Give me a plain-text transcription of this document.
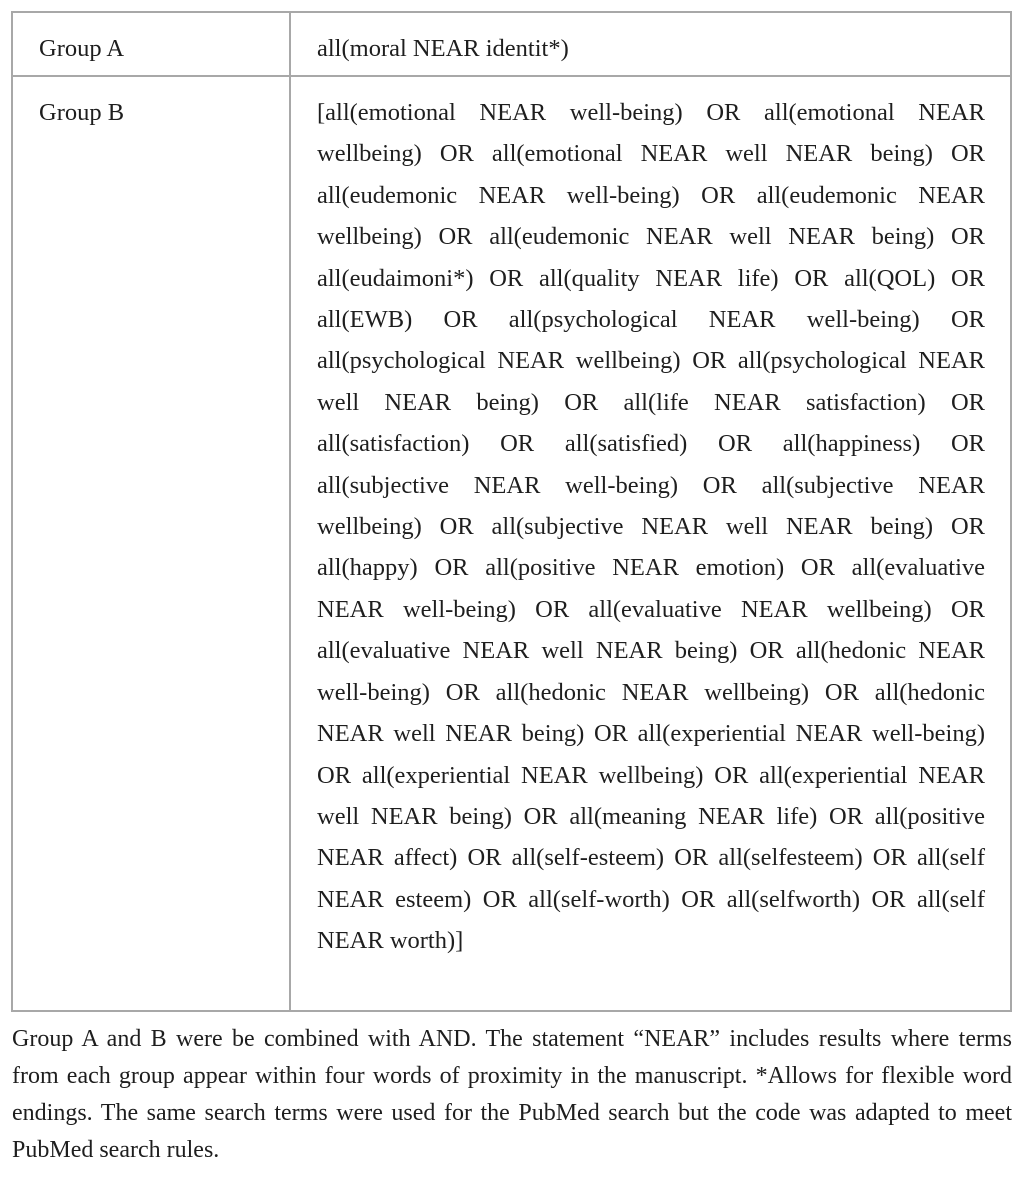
Group A	all(moral NEAR identit*)
Group B	[all(emotional NEAR well-being) OR all(emotional NEAR wellbeing) OR all(emotional NEAR well NEAR being) OR all(eudemonic NEAR well-being) OR all(eudemonic NEAR wellbeing) OR all(eudemonic NEAR well NEAR being) OR all(eudaimoni*) OR all(quality NEAR life) OR all(QOL) OR all(EWB) OR all(psychological NEAR well-being) OR all(psychological NEAR wellbeing) OR all(psychological NEAR well NEAR being) OR all(life NEAR satisfaction) OR all(satisfaction) OR all(satisfied) OR all(happiness) OR all(subjective NEAR well-being) OR all(subjective NEAR wellbeing) OR all(subjective NEAR well NEAR being) OR all(happy) OR all(positive NEAR emotion) OR all(evaluative NEAR well-being) OR all(evaluative NEAR wellbeing) OR all(evaluative NEAR well NEAR being) OR all(hedonic NEAR well-being) OR all(hedonic NEAR wellbeing) OR all(hedonic NEAR well NEAR being) OR all(experiential NEAR well-being) OR all(experiential NEAR wellbeing) OR all(experiential NEAR well NEAR being) OR all(meaning NEAR life) OR all(positive NEAR affect) OR all(self-esteem) OR all(selfesteem) OR all(self NEAR esteem) OR all(self-worth) OR all(selfworth) OR all(self NEAR worth)]

Group A and B were be combined with AND. The statement “NEAR” includes results where terms from each group appear within four words of proximity in the manuscript. *Allows for flexible word endings. The same search terms were used for the PubMed search but the code was adapted to meet PubMed search rules.
